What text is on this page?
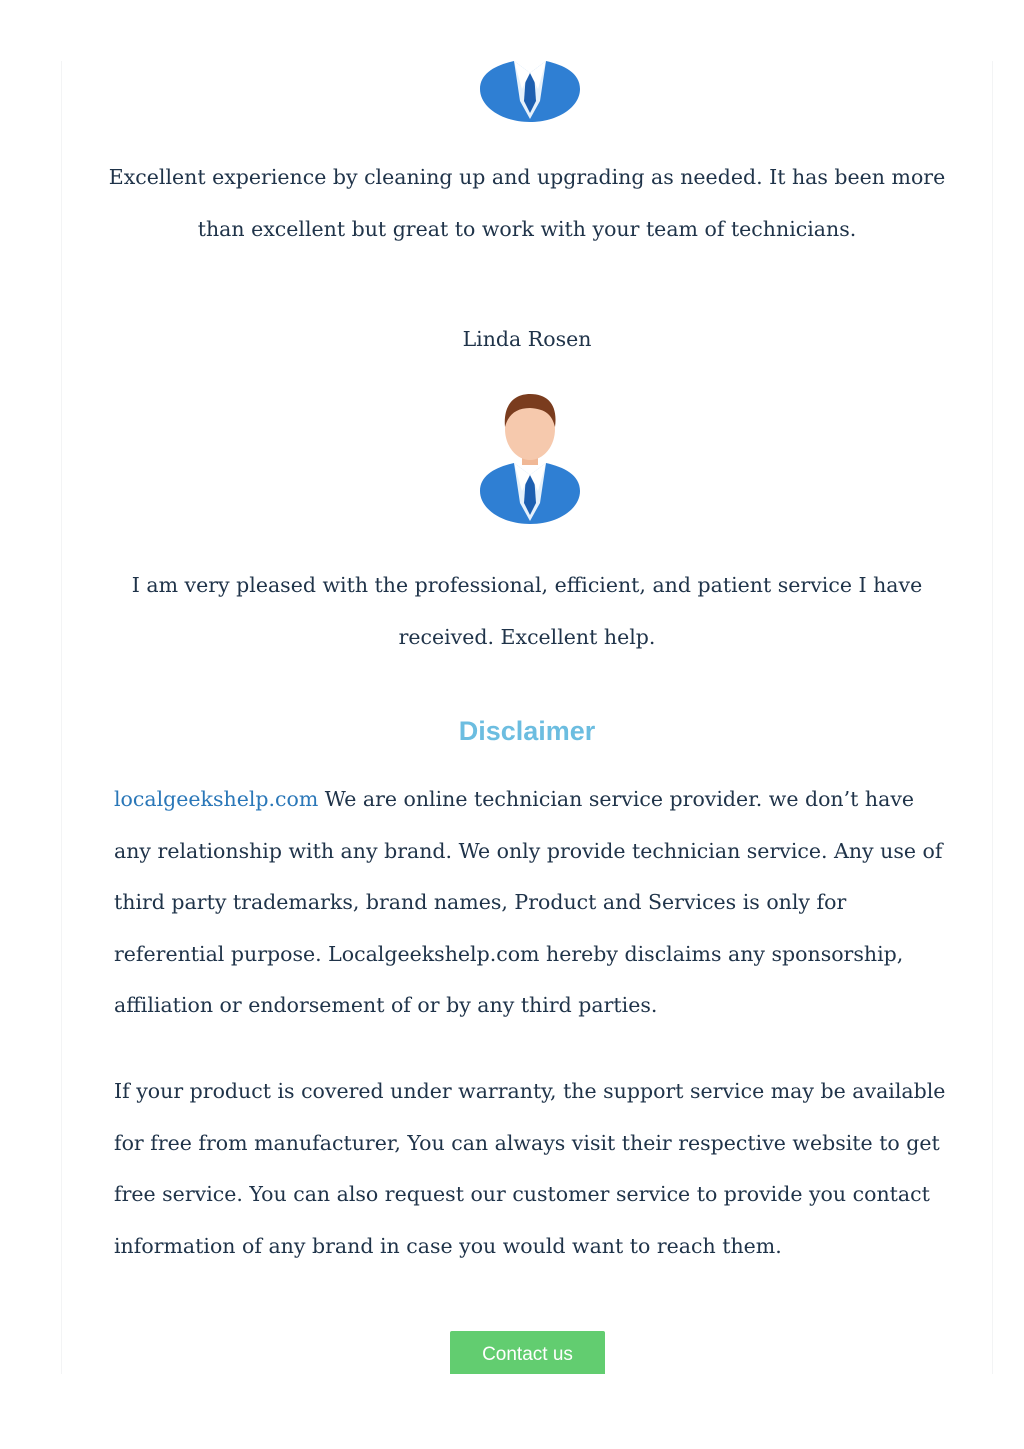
Excellent experience by cleaning up and upgrading as needed. It has been more than excellent but great to work with your team of technicians.

Linda Rosen

I am very pleased with the professional, efficient, and patient service I have received. Excellent help.

Disclaimer

localgeekshelp.com We are online technician service provider. we don’t have any relationship with any brand. We only provide technician service. Any use of third party trademarks, brand names, Product and Services is only for referential purpose. Localgeekshelp.com hereby disclaims any sponsorship, affiliation or endorsement of or by any third parties.

If your product is covered under warranty, the support service may be available for free from manufacturer, You can always visit their respective website to get free service. You can also request our customer service to provide you contact information of any brand in case you would want to reach them.

Contact us
